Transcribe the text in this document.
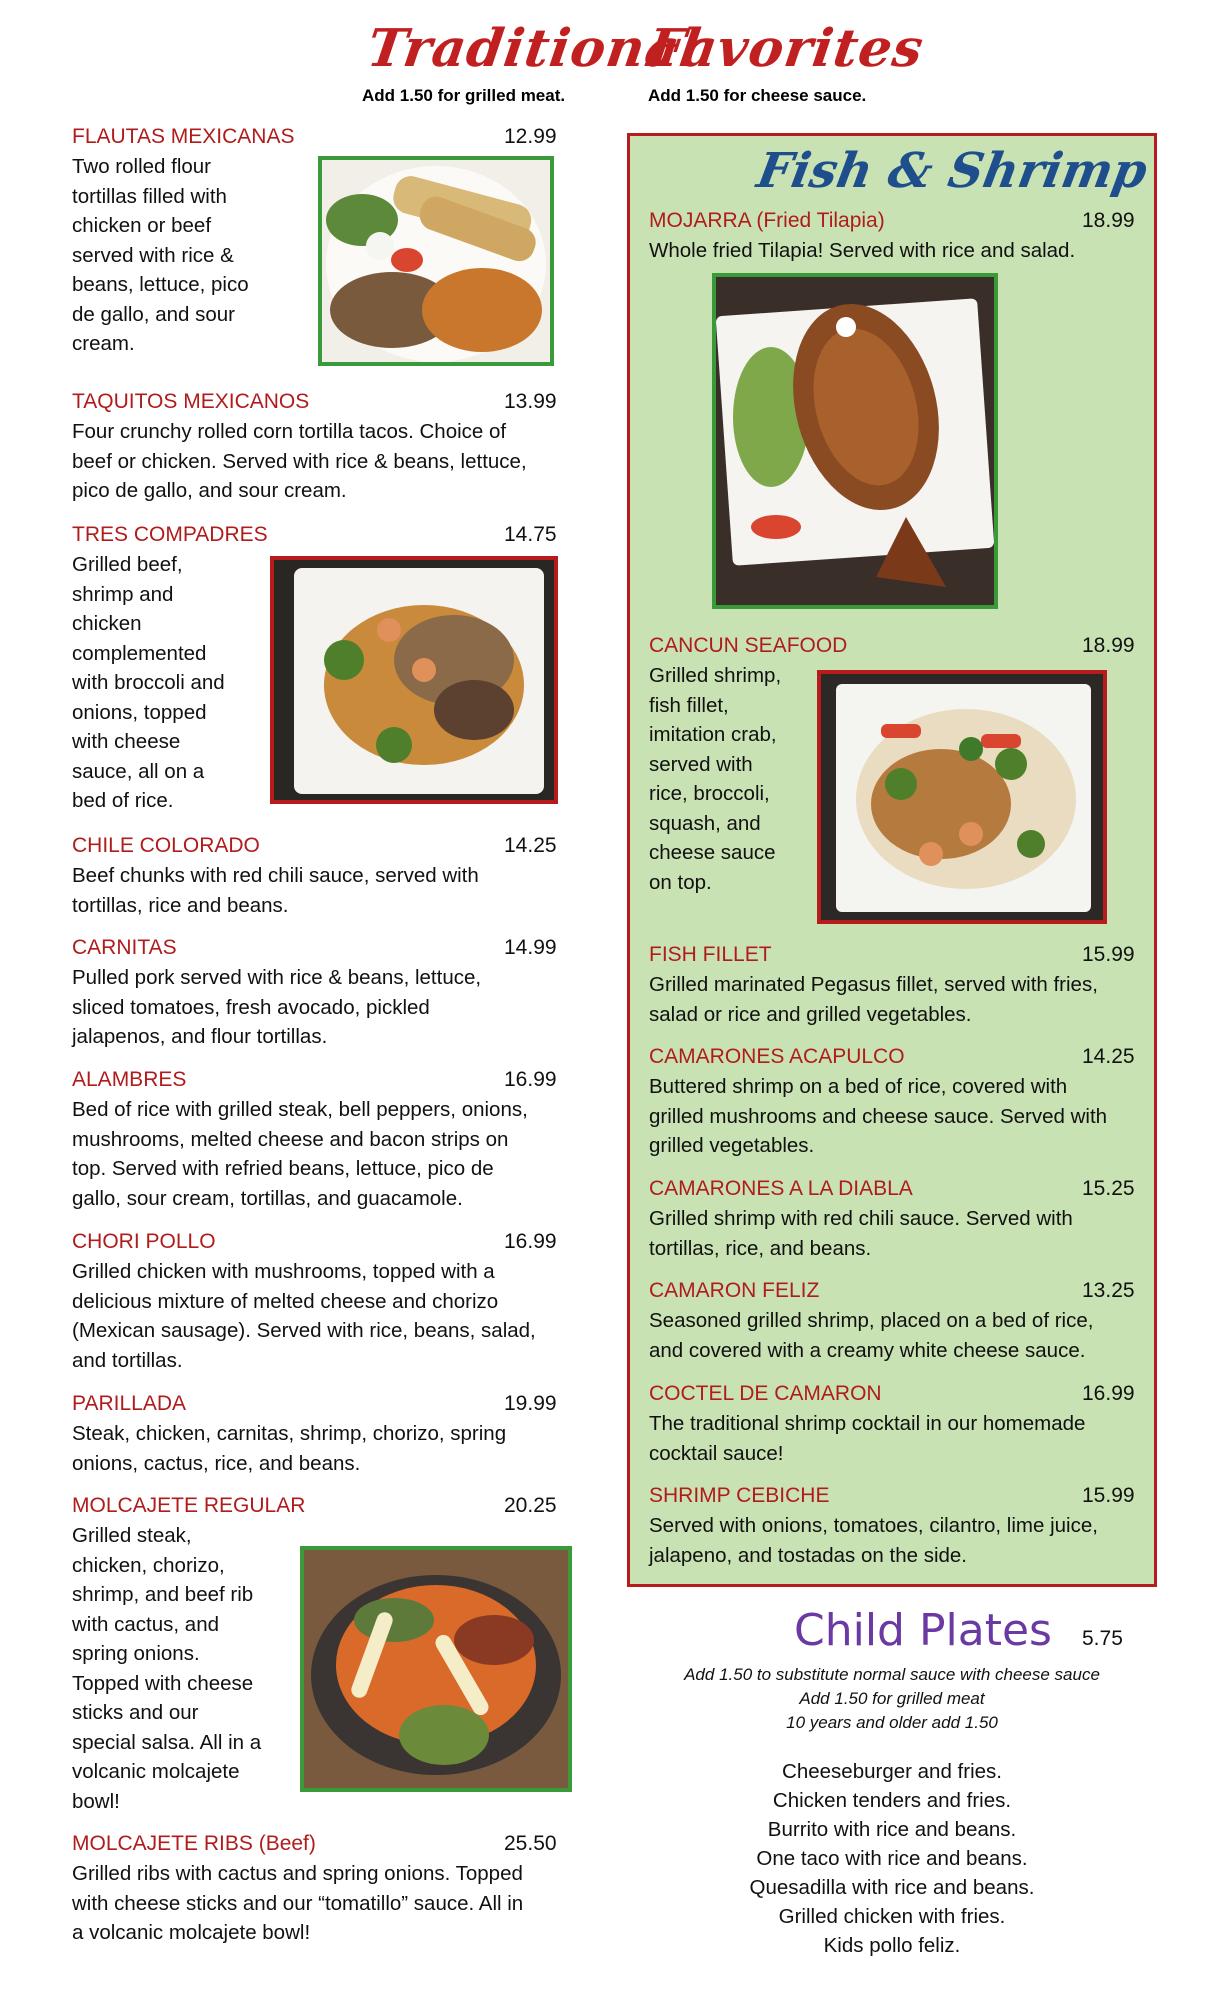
Traditional
Favorites
Add 1.50 for grilled meat.	Add 1.50 for cheese sauce.
FLAUTAS MEXICANAS	12.99
Two rolled flour
tortillas filled with
chicken or beef
served with rice &
beans, lettuce, pico
de gallo, and sour
cream.
TAQUITOS MEXICANOS	13.99
Four crunchy rolled corn tortilla tacos. Choice of
beef or chicken. Served with rice & beans, lettuce,
pico de gallo, and sour cream.
TRES COMPADRES	14.75
Grilled beef,
shrimp and
chicken
complemented
with broccoli and
onions, topped
with cheese
sauce, all on a
bed of rice.
CHILE COLORADO	14.25
Beef chunks with red chili sauce, served with
tortillas, rice and beans.
CARNITAS	14.99
Pulled pork served with rice & beans, lettuce,
sliced tomatoes, fresh avocado, pickled
jalapenos, and flour tortillas.
ALAMBRES	16.99
Bed of rice with grilled steak, bell peppers, onions,
mushrooms, melted cheese and bacon strips on
top. Served with refried beans, lettuce, pico de
gallo, sour cream, tortillas, and guacamole.
CHORI POLLO	16.99
Grilled chicken with mushrooms, topped with a
delicious mixture of melted cheese and chorizo
(Mexican sausage). Served with rice, beans, salad,
and tortillas.
PARILLADA	19.99
Steak, chicken, carnitas, shrimp, chorizo, spring
onions, cactus, rice, and beans.
MOLCAJETE REGULAR	20.25
Grilled steak,
chicken, chorizo,
shrimp, and beef rib
with cactus, and
spring onions.
Topped with cheese
sticks and our
special salsa. All in a
volcanic molcajete
bowl!
MOLCAJETE RIBS (Beef)	25.50
Grilled ribs with cactus and spring onions. Topped
with cheese sticks and our “tomatillo” sauce. All in
a volcanic molcajete bowl!
Fish & Shrimp
MOJARRA (Fried Tilapia)	18.99
Whole fried Tilapia! Served with rice and salad.
CANCUN SEAFOOD	18.99
Grilled shrimp,
fish fillet,
imitation crab,
served with
rice, broccoli,
squash, and
cheese sauce
on top.
FISH FILLET	15.99
Grilled marinated Pegasus fillet, served with fries,
salad or rice and grilled vegetables.
CAMARONES ACAPULCO	14.25
Buttered shrimp on a bed of rice, covered with
grilled mushrooms and cheese sauce. Served with
grilled vegetables.
CAMARONES A LA DIABLA	15.25
Grilled shrimp with red chili sauce. Served with
tortillas, rice, and beans.
CAMARON FELIZ	13.25
Seasoned grilled shrimp, placed on a bed of rice,
and covered with a creamy white cheese sauce.
COCTEL DE CAMARON	16.99
The traditional shrimp cocktail in our homemade
cocktail sauce!
SHRIMP CEBICHE	15.99
Served with onions, tomatoes, cilantro, lime juice,
jalapeno, and tostadas on the side.
Child Plates 5.75
Add 1.50 to substitute normal sauce with cheese sauce
Add 1.50 for grilled meat
10 years and older add 1.50
Cheeseburger and fries.
Chicken tenders and fries.
Burrito with rice and beans.
One taco with rice and beans.
Quesadilla with rice and beans.
Grilled chicken with fries.
Kids pollo feliz.
